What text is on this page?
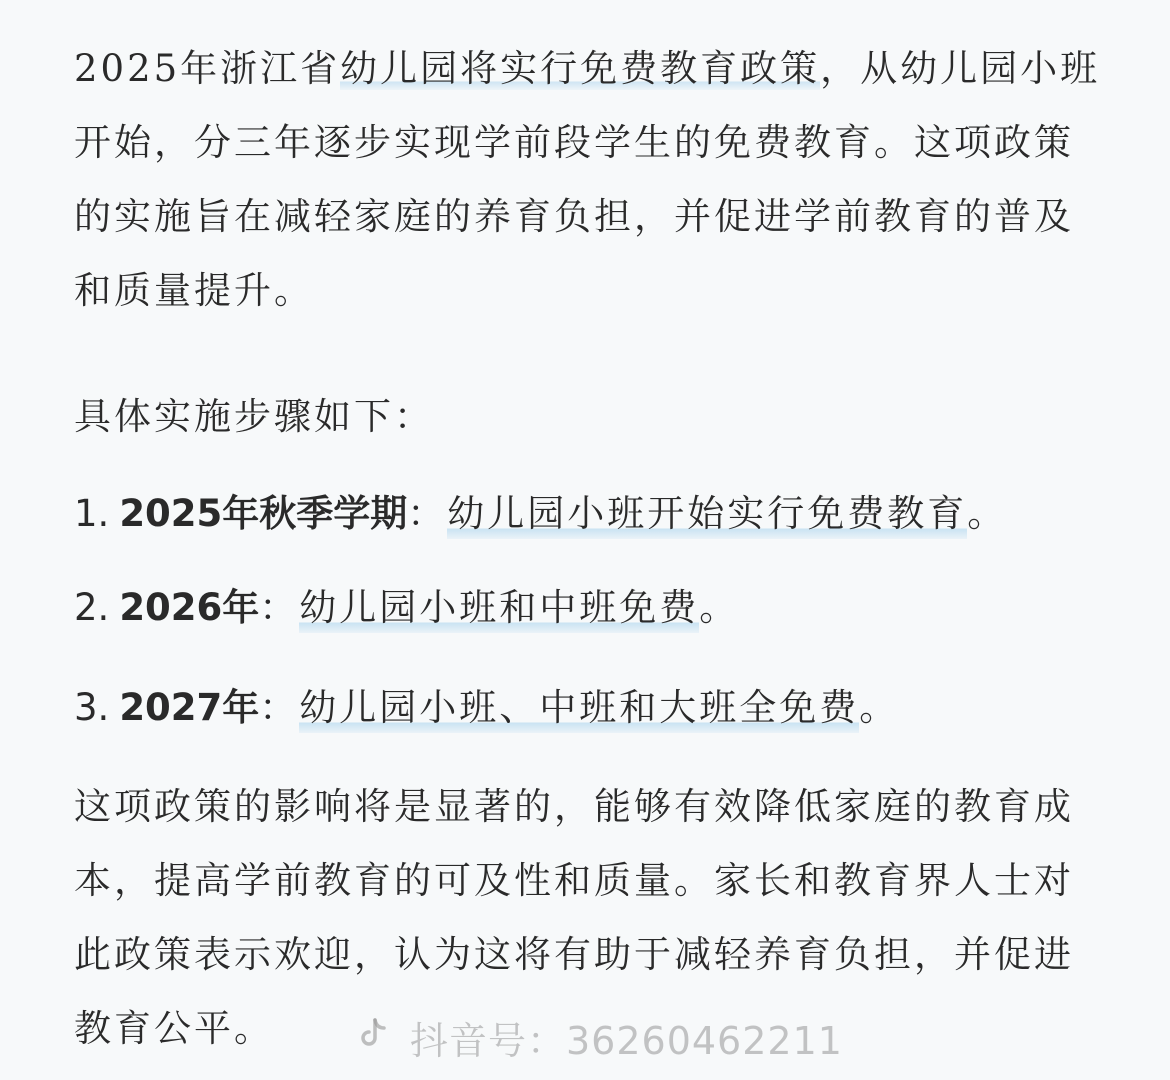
2025年浙江省幼儿园将实行免费教育政策，从幼儿园小班开始，分三年逐步实现学前段学生的免费教育。这项政策的实施旨在减轻家庭的养育负担，并促进学前教育的普及和质量提升。

具体实施步骤如下：

1. 2025年秋季学期：幼儿园小班开始实行免费教育。
2. 2026年：幼儿园小班和中班免费。
3. 2027年：幼儿园小班、中班和大班全免费。

这项政策的影响将是显著的，能够有效降低家庭的教育成本，提高学前教育的可及性和质量。家长和教育界人士对此政策表示欢迎，认为这将有助于减轻养育负担，并促进教育公平。	抖音号：36260462211
